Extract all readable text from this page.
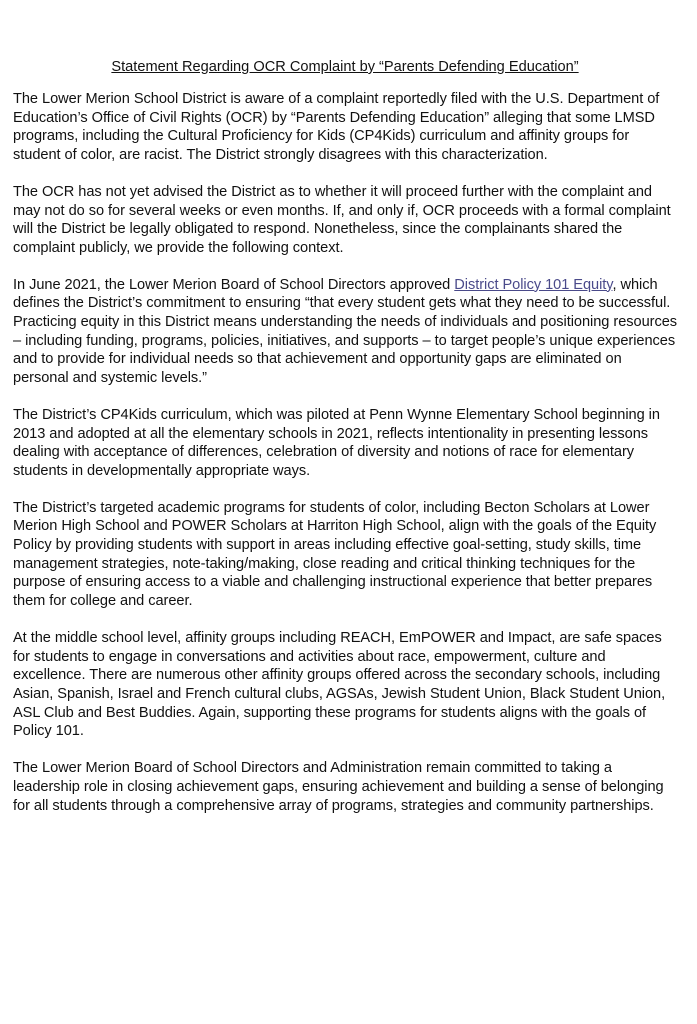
Statement Regarding OCR Complaint by “Parents Defending Education”

The Lower Merion School District is aware of a complaint reportedly filed with the U.S. Department of Education’s Office of Civil Rights (OCR) by “Parents Defending Education” alleging that some LMSD programs, including the Cultural Proficiency for Kids (CP4Kids) curriculum and affinity groups for student of color, are racist. The District strongly disagrees with this characterization.

The OCR has not yet advised the District as to whether it will proceed further with the complaint and may not do so for several weeks or even months. If, and only if, OCR proceeds with a formal complaint will the District be legally obligated to respond. Nonetheless, since the complainants shared the complaint publicly, we provide the following context.

In June 2021, the Lower Merion Board of School Directors approved District Policy 101 Equity, which defines the District’s commitment to ensuring “that every student gets what they need to be successful. Practicing equity in this District means understanding the needs of individuals and positioning resources – including funding, programs, policies, initiatives, and supports – to target people’s unique experiences and to provide for individual needs so that achievement and opportunity gaps are eliminated on personal and systemic levels.”

The District’s CP4Kids curriculum, which was piloted at Penn Wynne Elementary School beginning in 2013 and adopted at all the elementary schools in 2021, reflects intentionality in presenting lessons dealing with acceptance of differences, celebration of diversity and notions of race for elementary students in developmentally appropriate ways.

The District’s targeted academic programs for students of color, including Becton Scholars at Lower Merion High School and POWER Scholars at Harriton High School, align with the goals of the Equity Policy by providing students with support in areas including effective goal-setting, study skills, time management strategies, note-taking/making, close reading and critical thinking techniques for the purpose of ensuring access to a viable and challenging instructional experience that better prepares them for college and career.

At the middle school level, affinity groups including REACH, EmPOWER and Impact, are safe spaces for students to engage in conversations and activities about race, empowerment, culture and excellence. There are numerous other affinity groups offered across the secondary schools, including Asian, Spanish, Israel and French cultural clubs, AGSAs, Jewish Student Union, Black Student Union, ASL Club and Best Buddies. Again, supporting these programs for students aligns with the goals of Policy 101.

The Lower Merion Board of School Directors and Administration remain committed to taking a leadership role in closing achievement gaps, ensuring achievement and building a sense of belonging for all students through a comprehensive array of programs, strategies and community partnerships.
